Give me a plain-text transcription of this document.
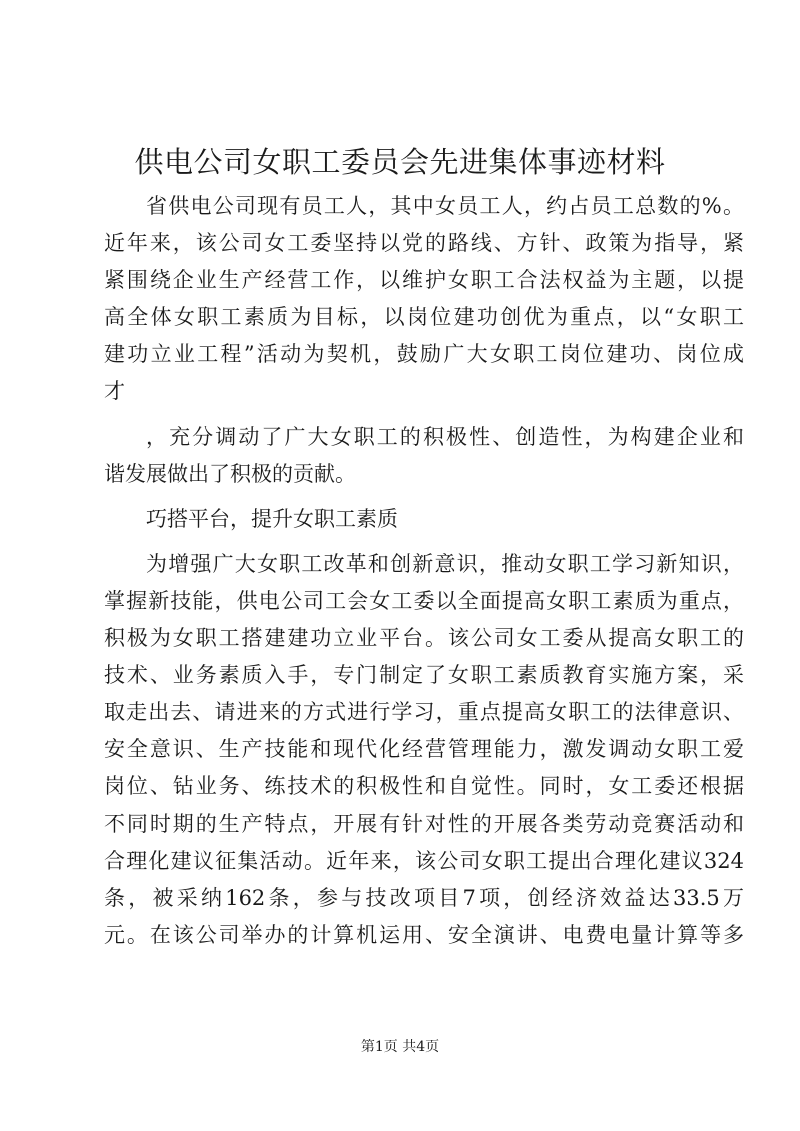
供电公司女职工委员会先进集体事迹材料
省供电公司现有员工人，其中女员工人，约占员工总数的%。
近年来，该公司女工委坚持以党的路线、方针、政策为指导，紧
紧围绕企业生产经营工作，以维护女职工合法权益为主题，以提
高全体女职工素质为目标，以岗位建功创优为重点，以“女职工
建功立业工程”活动为契机，鼓励广大女职工岗位建功、岗位成
才
，充分调动了广大女职工的积极性、创造性，为构建企业和
谐发展做出了积极的贡献。
巧搭平台，提升女职工素质
为增强广大女职工改革和创新意识，推动女职工学习新知识，
掌握新技能，供电公司工会女工委以全面提高女职工素质为重点，
积极为女职工搭建建功立业平台。该公司女工委从提高女职工的
技术、业务素质入手，专门制定了女职工素质教育实施方案，采
取走出去、请进来的方式进行学习，重点提高女职工的法律意识、
安全意识、生产技能和现代化经营管理能力，激发调动女职工爱
岗位、钻业务、练技术的积极性和自觉性。同时，女工委还根据
不同时期的生产特点，开展有针对性的开展各类劳动竞赛活动和
合理化建议征集活动。近年来，该公司女职工提出合理化建议324
条，被采纳162条，参与技改项目7项，创经济效益达33.5万
元。在该公司举办的计算机运用、安全演讲、电费电量计算等多
第1页 共4页
